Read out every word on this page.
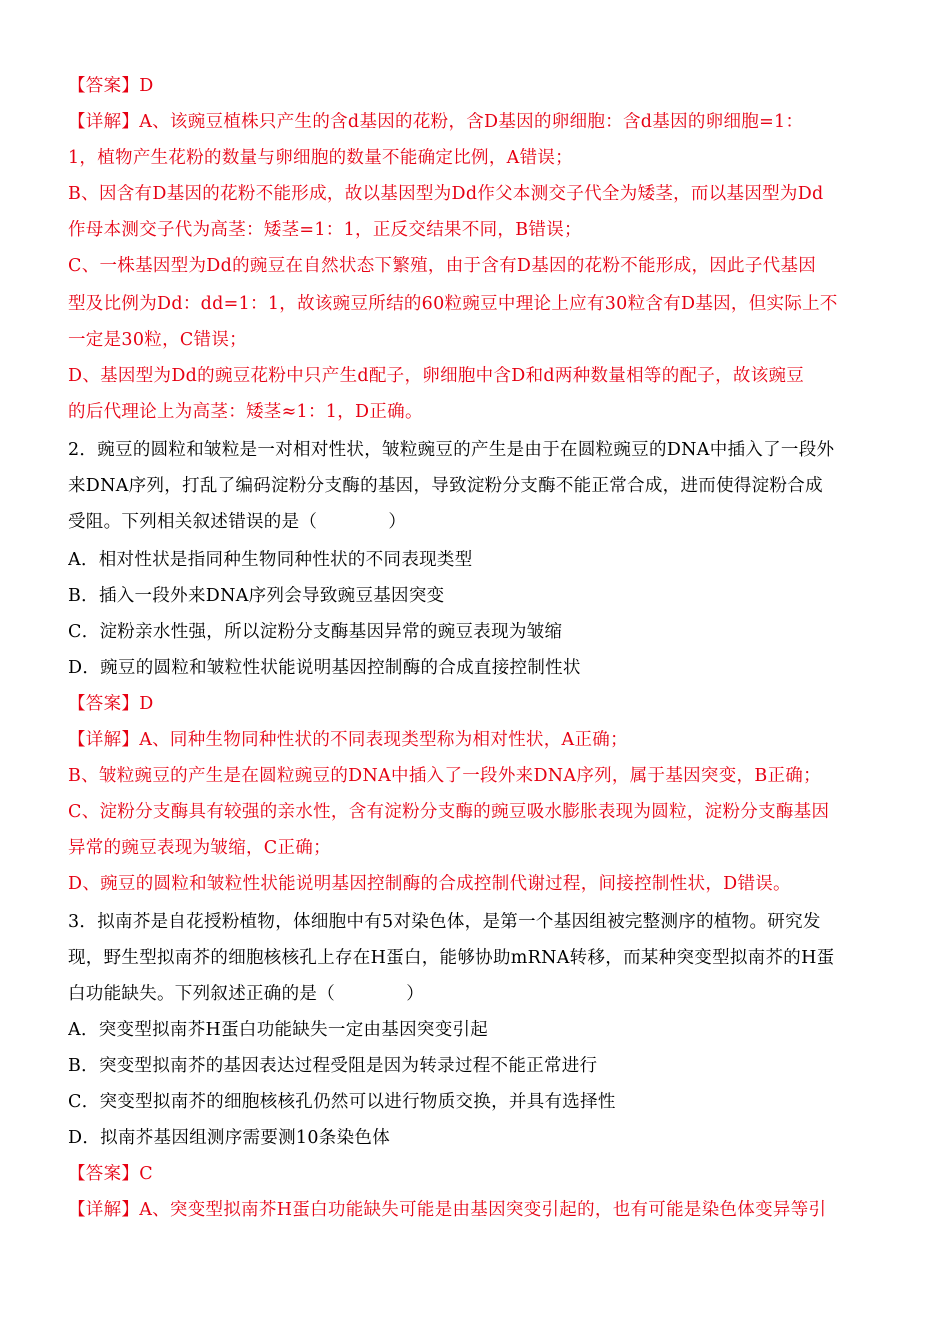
【答案】D
【详解】A、该豌豆植株只产生的含d基因的花粉，含D基因的卵细胞：含d基因的卵细胞=1：
1，植物产生花粉的数量与卵细胞的数量不能确定比例，A错误；
B、因含有D基因的花粉不能形成，故以基因型为Dd作父本测交子代全为矮茎，而以基因型为Dd
作母本测交子代为高茎：矮茎=1：1，正反交结果不同，B错误；
C、一株基因型为Dd的豌豆在自然状态下繁殖，由于含有D基因的花粉不能形成，因此子代基因
型及比例为Dd：dd=1：1，故该豌豆所结的60粒豌豆中理论上应有30粒含有D基因，但实际上不
一定是30粒，C错误；
D、基因型为Dd的豌豆花粉中只产生d配子，卵细胞中含D和d两种数量相等的配子，故该豌豆
的后代理论上为高茎：矮茎≈1：1，D正确。
2．豌豆的圆粒和皱粒是一对相对性状，皱粒豌豆的产生是由于在圆粒豌豆的DNA中插入了一段外
来DNA序列，打乱了编码淀粉分支酶的基因，导致淀粉分支酶不能正常合成，进而使得淀粉合成
受阻。下列相关叙述错误的是（　　　　）
A．相对性状是指同种生物同种性状的不同表现类型
B．插入一段外来DNA序列会导致豌豆基因突变
C．淀粉亲水性强，所以淀粉分支酶基因异常的豌豆表现为皱缩
D．豌豆的圆粒和皱粒性状能说明基因控制酶的合成直接控制性状
【答案】D
【详解】A、同种生物同种性状的不同表现类型称为相对性状，A正确；
B、皱粒豌豆的产生是在圆粒豌豆的DNA中插入了一段外来DNA序列，属于基因突变，B正确；
C、淀粉分支酶具有较强的亲水性，含有淀粉分支酶的豌豆吸水膨胀表现为圆粒，淀粉分支酶基因
异常的豌豆表现为皱缩，C正确；
D、豌豆的圆粒和皱粒性状能说明基因控制酶的合成控制代谢过程，间接控制性状，D错误。
3．拟南芥是自花授粉植物，体细胞中有5对染色体，是第一个基因组被完整测序的植物。研究发
现，野生型拟南芥的细胞核核孔上存在H蛋白，能够协助mRNA转移，而某种突变型拟南芥的H蛋
白功能缺失。下列叙述正确的是（　　　　）
A．突变型拟南芥H蛋白功能缺失一定由基因突变引起
B．突变型拟南芥的基因表达过程受阻是因为转录过程不能正常进行
C．突变型拟南芥的细胞核核孔仍然可以进行物质交换，并具有选择性
D．拟南芥基因组测序需要测10条染色体
【答案】C
【详解】A、突变型拟南芥H蛋白功能缺失可能是由基因突变引起的，也有可能是染色体变异等引
